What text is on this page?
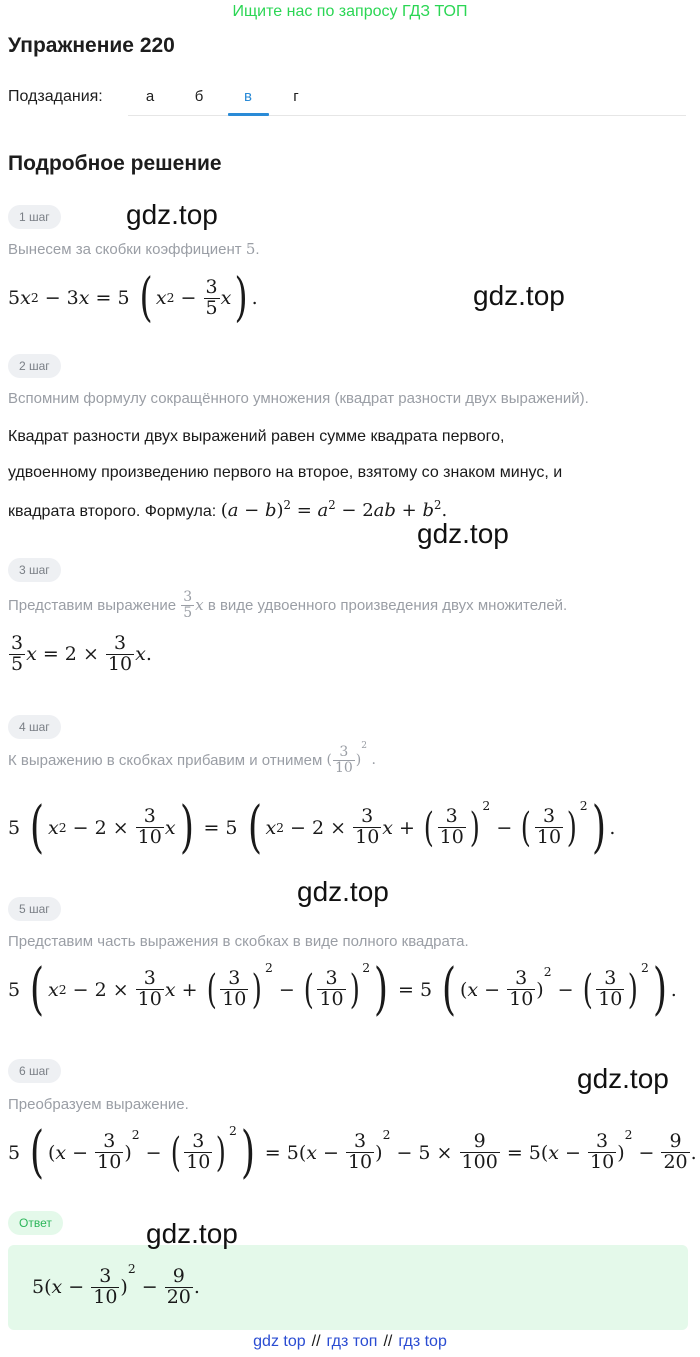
Ищите нас по запросу ГДЗ ТОП
Упражнение 220
Подзадания:	а	б	в	г
Подробное решение
1 шаг	gdz.top
Вынесем за скобки коэффициент 5.
5 x 2 − 3 x = 5 ( x 2 −
3
5 x ) .	gdz.top
2 шаг
Вспомним формулу сокращённого умножения (квадрат разности двух выражений).
Квадрат разности двух выражений равен сумме квадрата первого,
удвоенному произведению первого на второе, взятому со знаком минус, и
квадрата второго. Формула: $(a - b)^2 = a^2 - 2ab + b^2$.
gdz.top
3 шаг
Представим выражение
3
5 x
в виде удвоенного произведения двух множителей.
3
5 x = 2 ×
3
10 x .
4 шаг
К выражению в скобках прибавим и отнимем
(
3
10 )
$^2$
.
5 ( x 2 − 2 ×
3
10 x ) = 5 ( x 2 − 2 ×
3
10 x + ( 3
10 )$^2$
− ( 3
10 )$^2$ ) .
gdz.top
5 шаг
Представим часть выражения в скобках в виде полного квадрата.
5 ( x 2 − 2 ×
3
10 x + ( 3
10 )$^2$
− ( 3
10 )$^2$ ) = 5 ( ( x −
3
10 )
$^2$
− ( 3
10 )$^2$ ) .
6 шаг	gdz.top
Преобразуем выражение.
5 ( ( x −
3
10 )
$^2$
− ( 3
10 )$^2$ ) = 5( x −
3
10 )
$^2$
− 5 ×
9
100 = 5( x −
3
10 )
$^2$
−
9
20 .
Ответ	gdz.top
5( x −
3
10 )
$^2$
−
9
20 .
gdz top // гдз топ // гдз top
